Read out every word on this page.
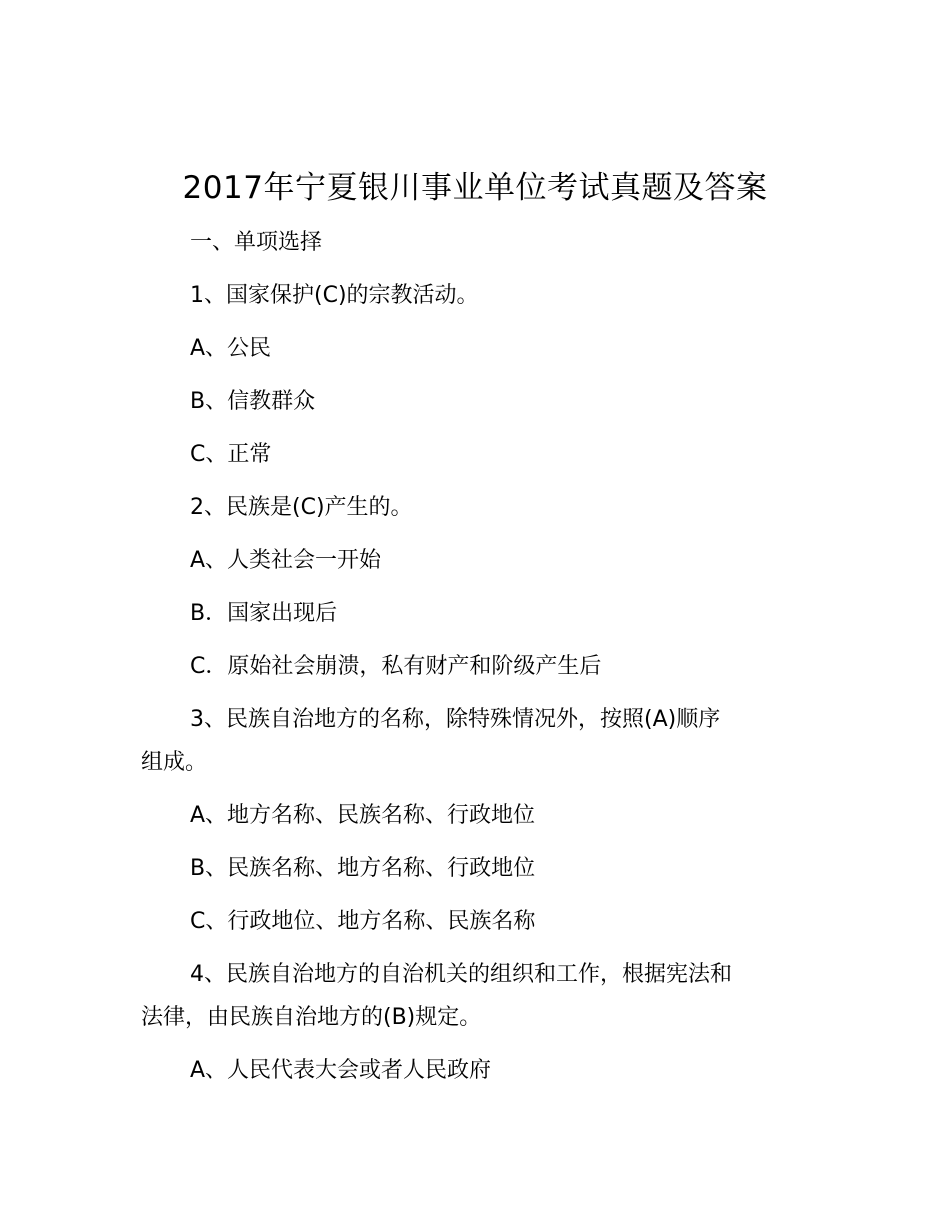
2017年宁夏银川事业单位考试真题及答案
一、单项选择
1、国家保护(C)的宗教活动。
A、公民
B、信教群众
C、正常
2、民族是(C)产生的。
A、人类社会一开始
B．国家出现后
C．原始社会崩溃，私有财产和阶级产生后
3、民族自治地方的名称，除特殊情况外，按照(A)顺序
组成。
A、地方名称、民族名称、行政地位
B、民族名称、地方名称、行政地位
C、行政地位、地方名称、民族名称
4、民族自治地方的自治机关的组织和工作，根据宪法和
法律，由民族自治地方的(B)规定。
A、人民代表大会或者人民政府
